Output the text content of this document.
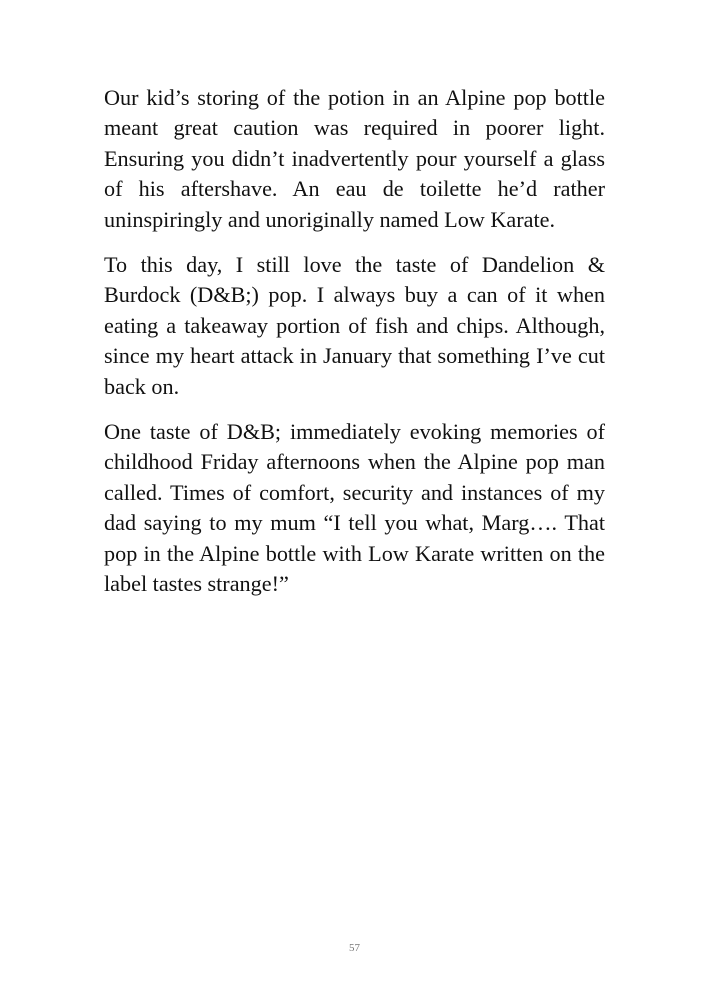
Our kid’s storing of the potion in an Alpine pop bottle meant great caution was required in poorer light. Ensuring you didn’t inadvertently pour yourself a glass of his aftershave. An eau de toilette he’d rather uninspiringly and unoriginally named Low Karate.

To this day, I still love the taste of Dandelion & Burdock (D&B;) pop. I always buy a can of it when eating a takeaway portion of fish and chips. Although, since my heart attack in January that something I’ve cut back on.

One taste of D&B; immediately evoking memories of childhood Friday afternoons when the Alpine pop man called. Times of comfort, security and instances of my dad saying to my mum “I tell you what, Marg…. That pop in the Alpine bottle with Low Karate written on the label tastes strange!”

57
